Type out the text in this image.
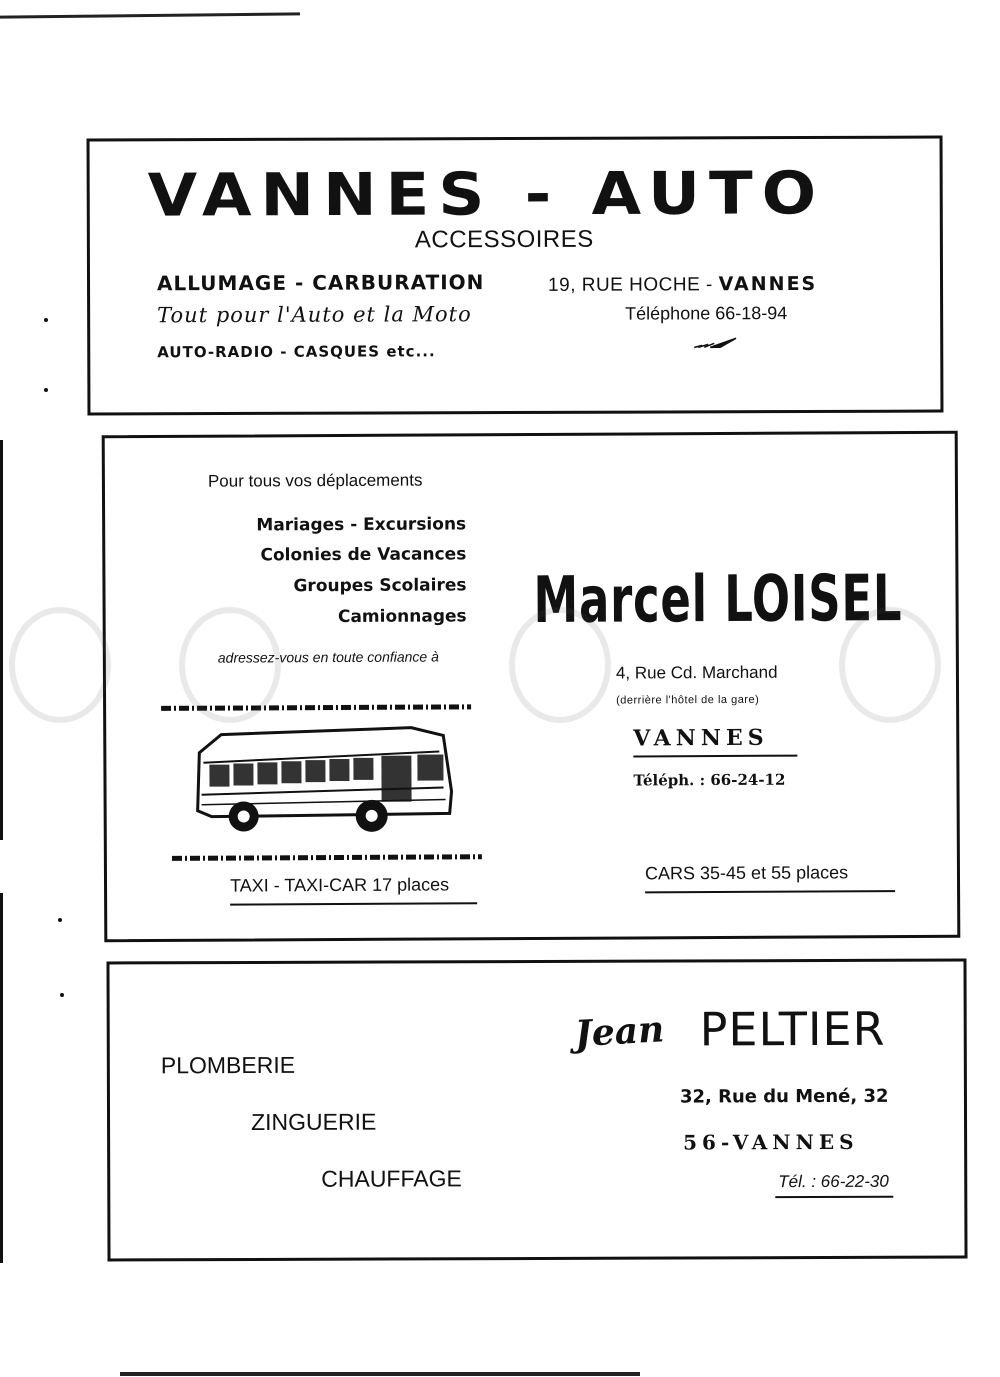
VANNES - AUTO
ACCESSOIRES
ALLUMAGE - CARBURATION
Tout pour l'Auto et la Moto
AUTO-RADIO - CASQUES etc...
19, RUE HOCHE - VANNES
Téléphone 66-18-94
Pour tous vos déplacements
Mariages - Excursions
Colonies de Vacances
Groupes Scolaires
Camionnages
adressez-vous en toute confiance à
TAXI - TAXI-CAR 17 places
Marcel LOISEL
4, Rue Cd. Marchand
(derrière l'hôtel de la gare)
VANNES
Téléph. : 66-24-12
CARS 35-45 et 55 places
PLOMBERIE
ZINGUERIE
CHAUFFAGE
Jean PELTIER
32, Rue du Mené, 32
56-VANNES
Tél. : 66-22-30
